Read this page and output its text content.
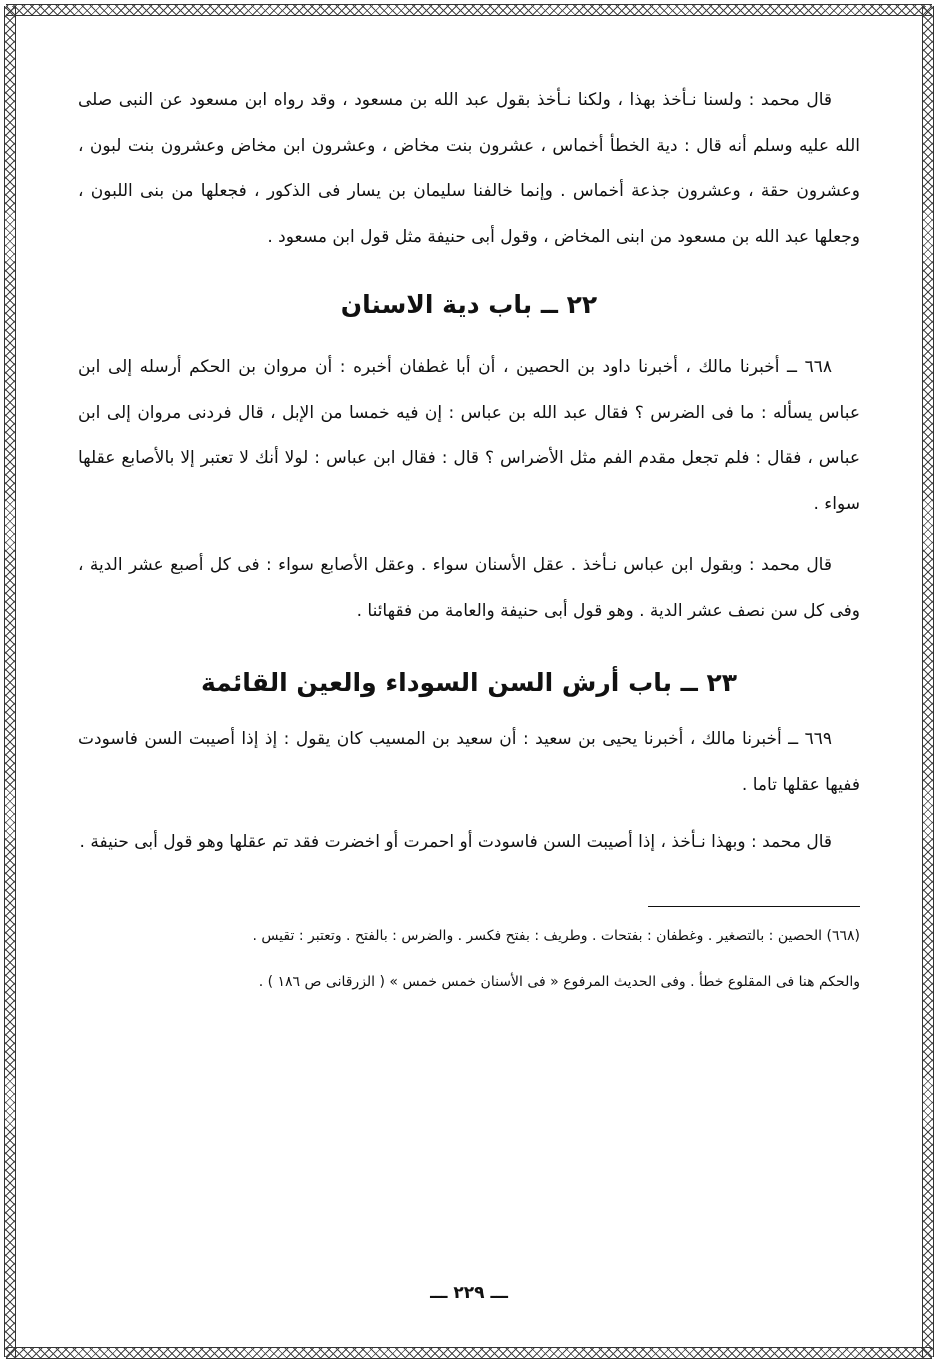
قال محمد : ولسنا نـأخذ بهذا ، ولكنا نـأخذ بقول عبد الله بن مسعود ، وقد رواه ابن مسعود عن النبى صلى الله عليه وسلم أنه قال : دية الخطأ أخماس ، عشرون بنت مخاض ، وعشرون ابن مخاض وعشرون بنت لبون ، وعشرون حقة ، وعشرون جذعة أخماس . وإنما خالفنا سليمان بن يسار فى الذكور ، فجعلها من بنى اللبون ، وجعلها عبد الله بن مسعود من ابنى المخاض ، وقول أبى حنيفة مثل قول ابن مسعود .

٢٢ ــ باب دية الاسنان

٦٦٨ ــ أخبرنا مالك ، أخبرنا داود بن الحصين ، أن أبا غطفان أخبره : أن مروان بن الحكم أرسله إلى ابن عباس يسأله : ما فى الضرس ؟ فقال عبد الله بن عباس : إن فيه خمسا من الإبل ، قال فردنى مروان إلى ابن عباس ، فقال : فلم تجعل مقدم الفم مثل الأضراس ؟ قال : فقال ابن عباس : لولا أنك لا تعتبر إلا بالأصابع عقلها سواء .

قال محمد : وبقول ابن عباس نـأخذ . عقل الأسنان سواء . وعقل الأصابع سواء : فى كل أصبع عشر الدية ، وفى كل سن نصف عشر الدية . وهو قول أبى حنيفة والعامة من فقهائنا .

٢٣ ــ باب أرش السن السوداء والعين القائمة

٦٦٩ ــ أخبرنا مالك ، أخبرنا يحيى بن سعيد : أن سعيد بن المسيب كان يقول : إذ إذا أصيبت السن فاسودت ففيها عقلها تاما .

قال محمد : وبهذا نـأخذ ، إذا أصيبت السن فاسودت أو احمرت أو اخضرت فقد تم عقلها وهو قول أبى حنيفة .

(٦٦٨) الحصين : بالتصغير . وغطفان : بفتحات . وطريف : بفتح فكسر . والضرس : بالفتح . وتعتبر : تقيس .

والحكم هنا فى المقلوع خطأ . وفى الحديث المرفوع « فى الأسنان خمس خمس » ( الزرقانى ص ١٨٦ ) .

ـــ ٢٢٩ ـــ
